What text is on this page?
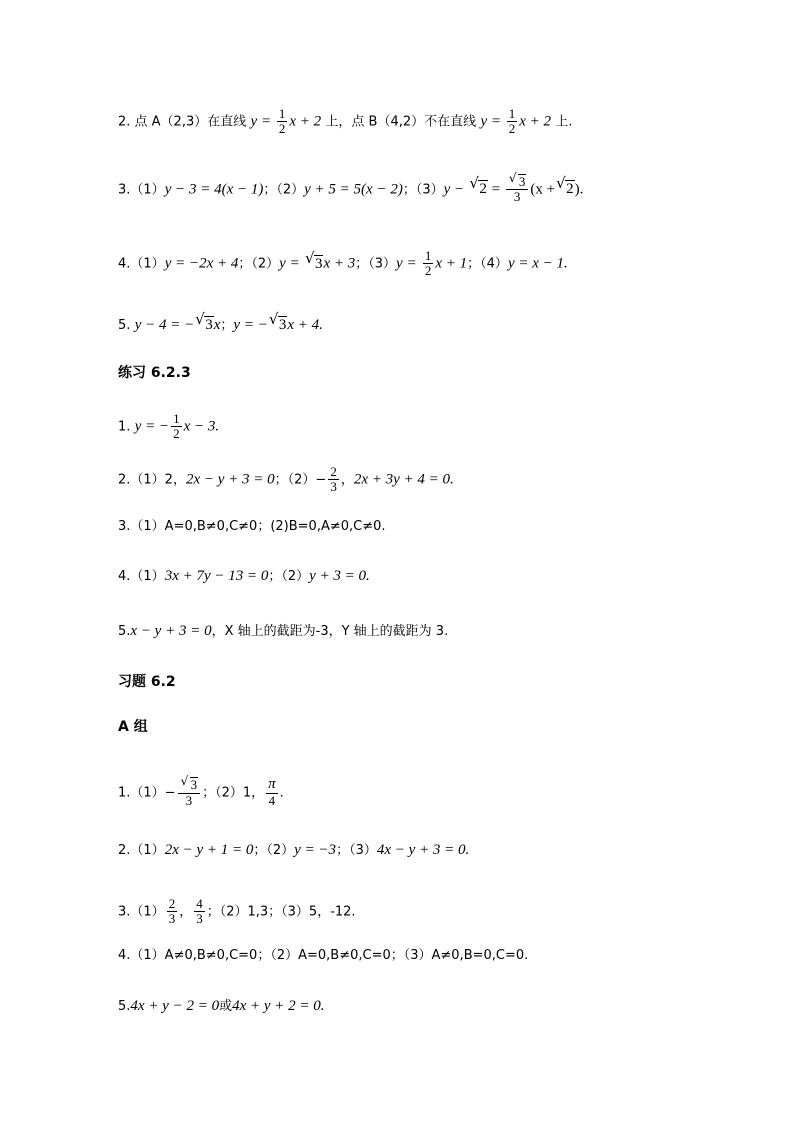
2. 点 A（2,3）在直线 $y = \frac{1}{2}$ x + 2 上，点 B（4,2）不在直线 $y = \frac{1}{2}$ x + 2 上.
3.（1）y − 3 = 4(x − 1)；（2）y + 5 = 5(x − 2)；（3）y − √ $2 = \frac{√ 3}{3} (x$ + √ 2).
4.（1）y = −2x + 4；（2）y = √ 3x + 3；$(3)y = \frac{1}{2}$ x + 1；（4）y = x − 1.
5. y − 4 = − √ 3x；y = − √ 3x + 4.
练习 6.2.3
1. y = − $\frac{1}{2}$ x − 3.
2.（1）2，2x − y + 3 = 0；$(2)- \frac{2}{3}$ ，2x + 3y + 4 = 0.
3.（1）A=0,B≠0,C≠0；(2)B=0,A≠0,C≠0.
4.（1）3x + 7y − 13 = 0；（2）y + 3 = 0.
5.x − y + 3 = 0，X 轴上的截距为-3，Y 轴上的截距为 3.
习题 6.2
A 组
$1.(1)- \frac{√ 3}{3}$ ；（2）1， $\frac{\pi}{4}$ .
2.（1）2x − y + 1 = 0；（2）y = −3；（3）4x − y + 3 = 0.
$3.(1) \frac{2}{3}$ ， $\frac{4}{3}$ ；（2）1,3；（3）5，-12.
4.（1）A≠0,B≠0,C=0；（2）A=0,B≠0,C=0；（3）A≠0,B=0,C=0.
5.4x + y − 2 = 0或4x + y + 2 = 0.
